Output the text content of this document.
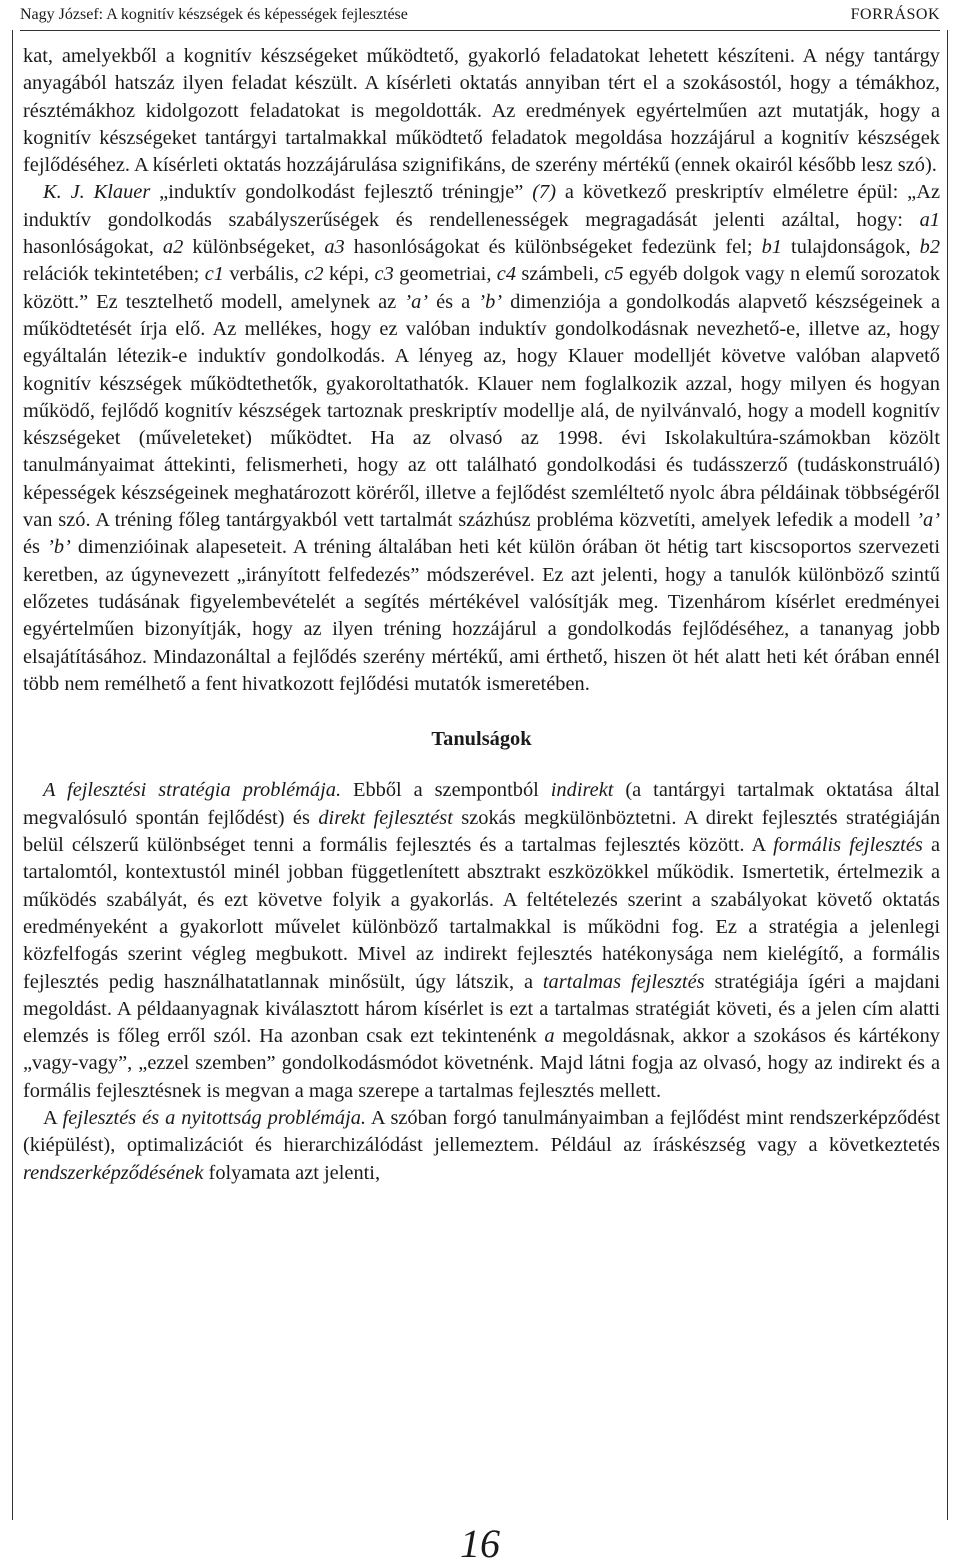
Nagy József: A kognitív készségek és képességek fejlesztése	FORRÁSOK

kat, amelyekből a kognitív készségeket működtető, gyakorló feladatokat lehetett készíteni. A négy tantárgy anyagából hatszáz ilyen feladat készült. A kísérleti oktatás annyiban tért el a szokásostól, hogy a témákhoz, résztémákhoz kidolgozott feladatokat is megoldották. Az eredmények egyértelműen azt mutatják, hogy a kognitív készségeket tantárgyi tartalmakkal működtető feladatok megoldása hozzájárul a kognitív készségek fejlődéséhez. A kísérleti oktatás hozzájárulása szignifikáns, de szerény mértékű (ennek okairól később lesz szó).

K. J. Klauer „induktív gondolkodást fejlesztő tréningje” (7) a következő preskriptív elméletre épül: „Az induktív gondolkodás szabályszerűségek és rendellenességek megragadását jelenti azáltal, hogy: a1 hasonlóságokat, a2 különbségeket, a3 hasonlóságokat és különbségeket fedezünk fel; b1 tulajdonságok, b2 relációk tekintetében; c1 verbális, c2 képi, c3 geometriai, c4 számbeli, c5 egyéb dolgok vagy n elemű sorozatok között.” Ez tesztelhető modell, amelynek az ’a’ és a ’b’ dimenziója a gondolkodás alapvető készségeinek a működtetését írja elő. Az mellékes, hogy ez valóban induktív gondolkodásnak nevezhető-e, illetve az, hogy egyáltalán létezik-e induktív gondolkodás. A lényeg az, hogy Klauer modelljét követve valóban alapvető kognitív készségek működtethetők, gyakoroltathatók. Klauer nem foglalkozik azzal, hogy milyen és hogyan működő, fejlődő kognitív készségek tartoznak preskriptív modellje alá, de nyilvánvaló, hogy a modell kognitív készségeket (műveleteket) működtet. Ha az olvasó az 1998. évi Iskolakultúra-számokban közölt tanulmányaimat áttekinti, felismerheti, hogy az ott található gondolkodási és tudásszerző (tudáskonstruáló) képességek készségeinek meghatározott köréről, illetve a fejlődést szemléltető nyolc ábra példáinak többségéről van szó. A tréning főleg tantárgyakból vett tartalmát százhúsz probléma közvetíti, amelyek lefedik a modell ’a’ és ’b’ dimenzióinak alapeseteit. A tréning általában heti két külön órában öt hétig tart kiscsoportos szervezeti keretben, az úgynevezett „irányított felfedezés” módszerével. Ez azt jelenti, hogy a tanulók különböző szintű előzetes tudásának figyelembevételét a segítés mértékével valósítják meg. Tizenhárom kísérlet eredményei egyértelműen bizonyítják, hogy az ilyen tréning hozzájárul a gondolkodás fejlődéséhez, a tananyag jobb elsajátításához. Mindazonáltal a fejlődés szerény mértékű, ami érthető, hiszen öt hét alatt heti két órában ennél több nem remélhető a fent hivatkozott fejlődési mutatók ismeretében.

Tanulságok

A fejlesztési stratégia problémája. Ebből a szempontból indirekt (a tantárgyi tartalmak oktatása által megvalósuló spontán fejlődést) és direkt fejlesztést szokás megkülönböztetni. A direkt fejlesztés stratégiáján belül célszerű különbséget tenni a formális fejlesztés és a tartalmas fejlesztés között. A formális fejlesztés a tartalomtól, kontextustól minél jobban függetlenített absztrakt eszközökkel működik. Ismertetik, értelmezik a működés szabályát, és ezt követve folyik a gyakorlás. A feltételezés szerint a szabályokat követő oktatás eredményeként a gyakorlott művelet különböző tartalmakkal is működni fog. Ez a stratégia a jelenlegi közfelfogás szerint végleg megbukott. Mivel az indirekt fejlesztés hatékonysága nem kielégítő, a formális fejlesztés pedig használhatatlannak minősült, úgy látszik, a tartalmas fejlesztés stratégiája ígéri a majdani megoldást. A példaanyagnak kiválasztott három kísérlet is ezt a tartalmas stratégiát követi, és a jelen cím alatti elemzés is főleg erről szól. Ha azonban csak ezt tekintenénk a megoldásnak, akkor a szokásos és kártékony „vagy-vagy”, „ezzel szemben” gondolkodásmódot követnénk. Majd látni fogja az olvasó, hogy az indirekt és a formális fejlesztésnek is megvan a maga szerepe a tartalmas fejlesztés mellett.

A fejlesztés és a nyitottság problémája. A szóban forgó tanulmányaimban a fejlődést mint rendszerképződést (kiépülést), optimalizációt és hierarchizálódást jellemeztem. Például az íráskészség vagy a következtetés rendszerképződésének folyamata azt jelenti,

16
